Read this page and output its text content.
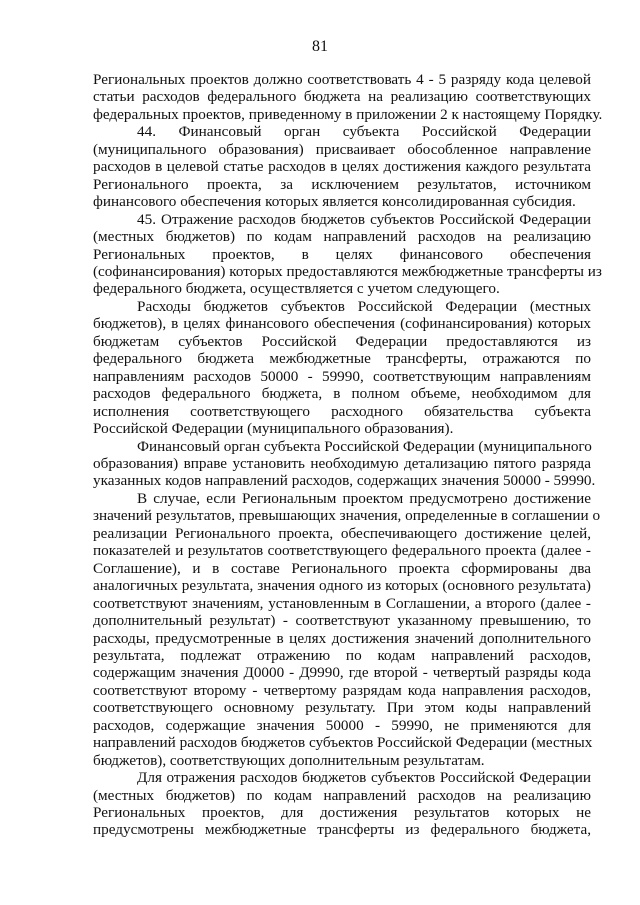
81

Региональных проектов должно соответствовать 4 - 5 разряду кода целевой
статьи расходов федерального бюджета на реализацию соответствующих
федеральных проектов, приведенному в приложении 2 к настоящему Порядку.

44. Финансовый орган субъекта Российской Федерации
(муниципального образования) присваивает обособленное направление
расходов в целевой статье расходов в целях достижения каждого результата
Регионального проекта, за исключением результатов, источником
финансового обеспечения которых является консолидированная субсидия.

45. Отражение расходов бюджетов субъектов Российской Федерации
(местных бюджетов) по кодам направлений расходов на реализацию
Региональных проектов, в целях финансового обеспечения
(софинансирования) которых предоставляются межбюджетные трансферты из
федерального бюджета, осуществляется с учетом следующего.

Расходы бюджетов субъектов Российской Федерации (местных
бюджетов), в целях финансового обеспечения (софинансирования) которых
бюджетам субъектов Российской Федерации предоставляются из
федерального бюджета межбюджетные трансферты, отражаются по
направлениям расходов 50000 - 59990, соответствующим направлениям
расходов федерального бюджета, в полном объеме, необходимом для
исполнения соответствующего расходного обязательства субъекта
Российской Федерации (муниципального образования).

Финансовый орган субъекта Российской Федерации (муниципального
образования) вправе установить необходимую детализацию пятого разряда
указанных кодов направлений расходов, содержащих значения 50000 - 59990.

В случае, если Региональным проектом предусмотрено достижение
значений результатов, превышающих значения, определенные в соглашении о
реализации Регионального проекта, обеспечивающего достижение целей,
показателей и результатов соответствующего федерального проекта (далее -
Соглашение), и в составе Регионального проекта сформированы два
аналогичных результата, значения одного из которых (основного результата)
соответствуют значениям, установленным в Соглашении, а второго (далее -
дополнительный результат) - соответствуют указанному превышению, то
расходы, предусмотренные в целях достижения значений дополнительного
результата, подлежат отражению по кодам направлений расходов,
содержащим значения Д0000 - Д9990, где второй - четвертый разряды кода
соответствуют второму - четвертому разрядам кода направления расходов,
соответствующего основному результату. При этом коды направлений
расходов, содержащие значения 50000 - 59990, не применяются для
направлений расходов бюджетов субъектов Российской Федерации (местных
бюджетов), соответствующих дополнительным результатам.

Для отражения расходов бюджетов субъектов Российской Федерации
(местных бюджетов) по кодам направлений расходов на реализацию
Региональных проектов, для достижения результатов которых не
предусмотрены межбюджетные трансферты из федерального бюджета,
